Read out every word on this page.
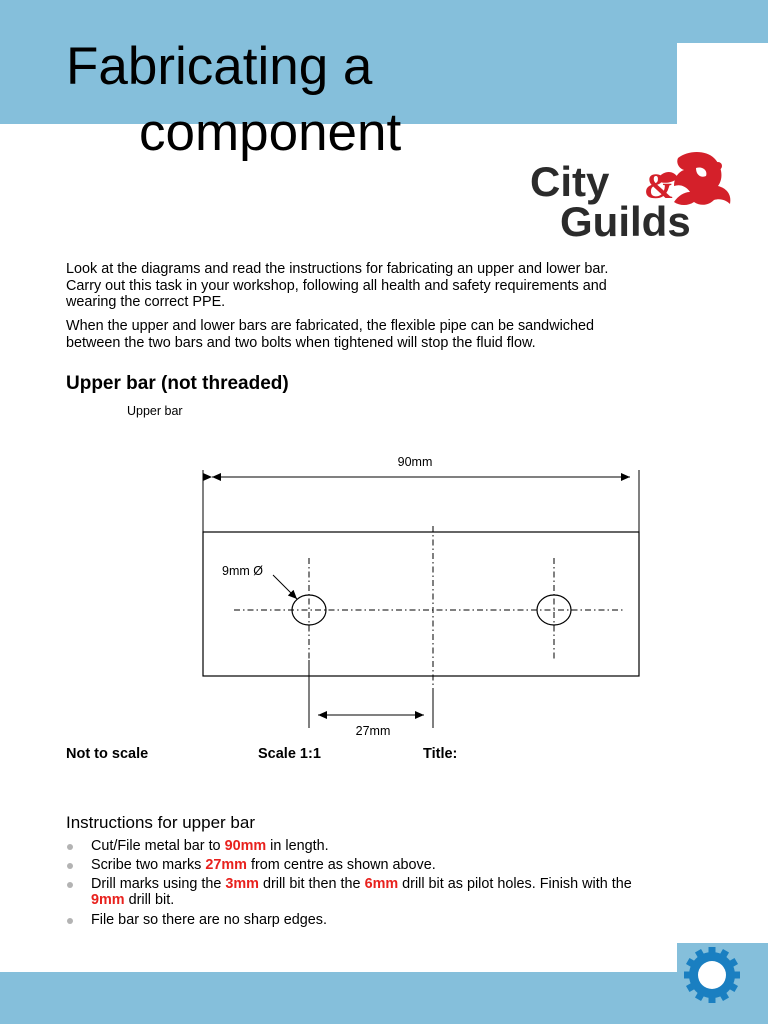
Fabricating a
component
City &
Guilds

Look at the diagrams and read the instructions for fabricating an upper and lower bar. Carry out this task in your workshop, following all health and safety requirements and wearing the correct PPE.

When the upper and lower bars are fabricated, the flexible pipe can be sandwiched between the two bars and two bolts when tightened will stop the fluid flow.

Upper bar (not threaded)
Upper bar
90mm
9mm Ø
27mm
Not to scale	Scale 1:1	Title:
Instructions for upper bar
Cut/File metal bar to 90mm in length.
Scribe two marks 27mm from centre as shown above.
Drill marks using the 3mm drill bit then the 6mm drill bit as pilot holes. Finish with the 9mm drill bit.
File bar so there are no sharp edges.
